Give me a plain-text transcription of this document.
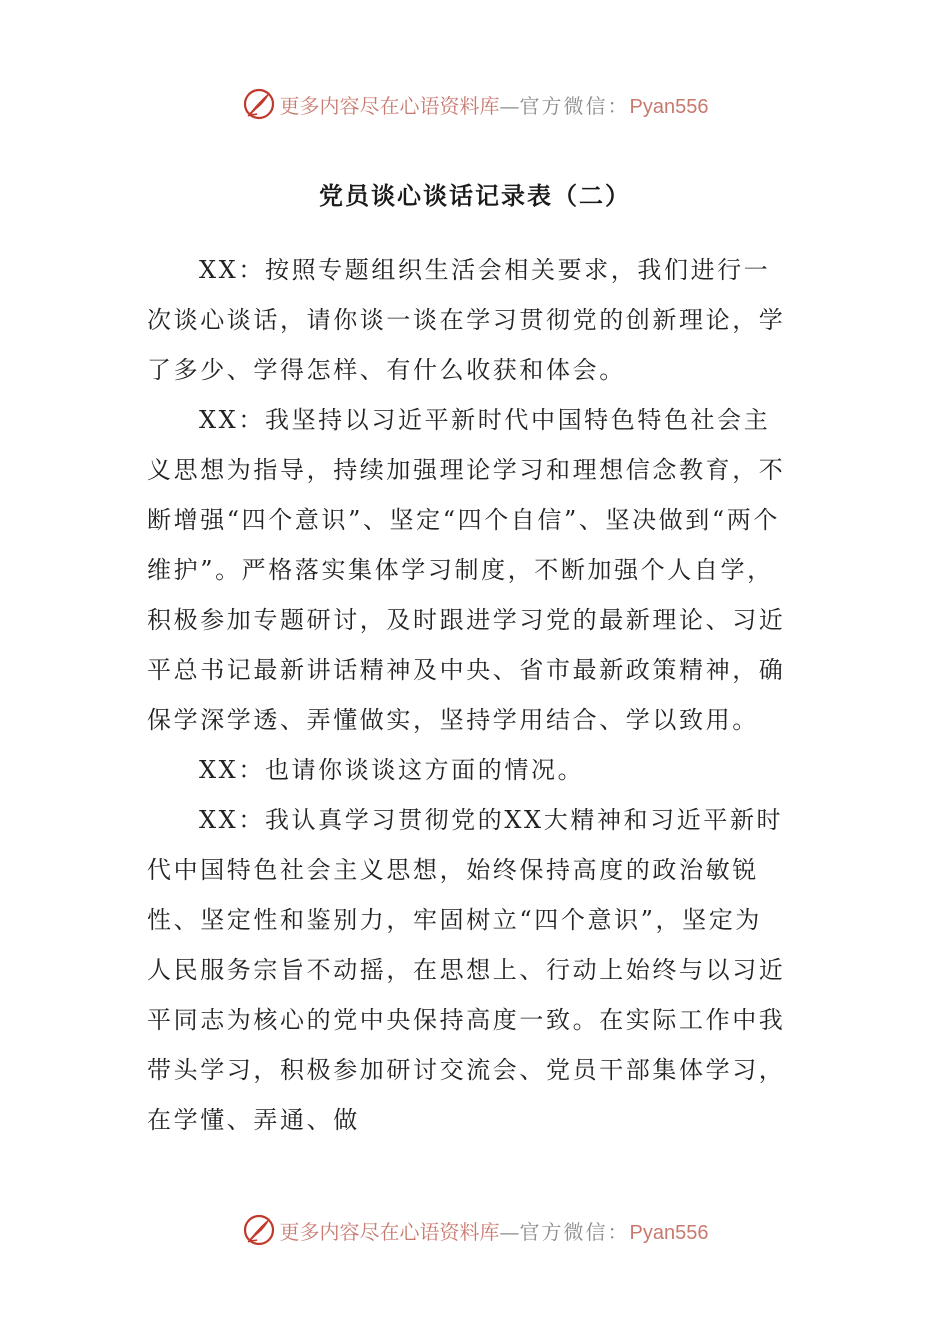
更多内容尽在心语资料库—官方微信：Pyan556
党员谈心谈话记录表（二）

XX：按照专题组织生活会相关要求，我们进行一次谈心谈话，请你谈一谈在学习贯彻党的创新理论，学了多少、学得怎样、有什么收获和体会。

XX：我坚持以习近平新时代中国特色特色社会主义思想为指导，持续加强理论学习和理想信念教育，不断增强“四个意识”、坚定“四个自信”、坚决做到“两个维护”。严格落实集体学习制度，不断加强个人自学，积极参加专题研讨，及时跟进学习党的最新理论、习近平总书记最新讲话精神及中央、省市最新政策精神，确保学深学透、弄懂做实，坚持学用结合、学以致用。

XX：也请你谈谈这方面的情况。

XX：我认真学习贯彻党的XX大精神和习近平新时代中国特色社会主义思想，始终保持高度的政治敏锐性、坚定性和鉴别力，牢固树立“四个意识”，坚定为人民服务宗旨不动摇，在思想上、行动上始终与以习近平同志为核心的党中央保持高度一致。在实际工作中我带头学习，积极参加研讨交流会、党员干部集体学习，在学懂、弄通、做

更多内容尽在心语资料库—官方微信：Pyan556
